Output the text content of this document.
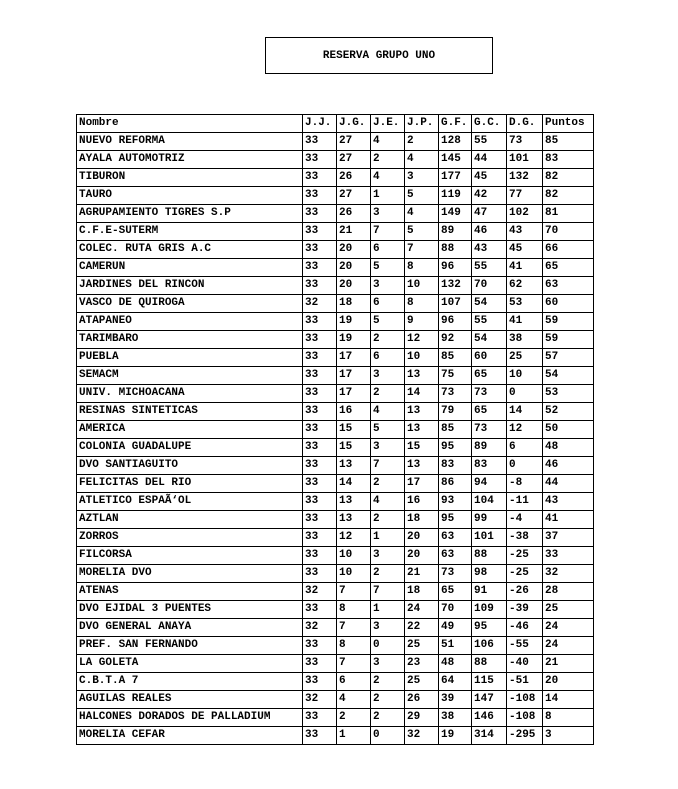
RESERVA GRUPO UNO
Nombre	J.J.	J.G.	J.E.	J.P.	G.F.	G.C.	D.G.	Puntos
NUEVO REFORMA	33	27	4	2	128	55	73	85
AYALA AUTOMOTRIZ	33	27	2	4	145	44	101	83
TIBURON	33	26	4	3	177	45	132	82
TAURO	33	27	1	5	119	42	77	82
AGRUPAMIENTO TIGRES S.P	33	26	3	4	149	47	102	81
C.F.E-SUTERM	33	21	7	5	89	46	43	70
COLEC. RUTA GRIS A.C	33	20	6	7	88	43	45	66
CAMERUN	33	20	5	8	96	55	41	65
JARDINES DEL RINCON	33	20	3	10	132	70	62	63
VASCO DE QUIROGA	32	18	6	8	107	54	53	60
ATAPANEO	33	19	5	9	96	55	41	59
TARIMBARO	33	19	2	12	92	54	38	59
PUEBLA	33	17	6	10	85	60	25	57
SEMACM	33	17	3	13	75	65	10	54
UNIV. MICHOACANA	33	17	2	14	73	73	0	53
RESINAS SINTETICAS	33	16	4	13	79	65	14	52
AMERICA	33	15	5	13	85	73	12	50
COLONIA GUADALUPE	33	15	3	15	95	89	6	48
DVO SANTIAGUITO	33	13	7	13	83	83	0	46
FELICITAS DEL RIO	33	14	2	17	86	94	-8	44
ATLETICO ESPAÃ‘OL	33	13	4	16	93	104	-11	43
AZTLAN	33	13	2	18	95	99	-4	41
ZORROS	33	12	1	20	63	101	-38	37
FILCORSA	33	10	3	20	63	88	-25	33
MORELIA DVO	33	10	2	21	73	98	-25	32
ATENAS	32	7	7	18	65	91	-26	28
DVO EJIDAL 3 PUENTES	33	8	1	24	70	109	-39	25
DVO GENERAL ANAYA	32	7	3	22	49	95	-46	24
PREF. SAN FERNANDO	33	8	0	25	51	106	-55	24
LA GOLETA	33	7	3	23	48	88	-40	21
C.B.T.A 7	33	6	2	25	64	115	-51	20
AGUILAS REALES	32	4	2	26	39	147	-108	14
HALCONES DORADOS DE PALLADIUM	33	2	2	29	38	146	-108	8
MORELIA CEFAR	33	1	0	32	19	314	-295	3
